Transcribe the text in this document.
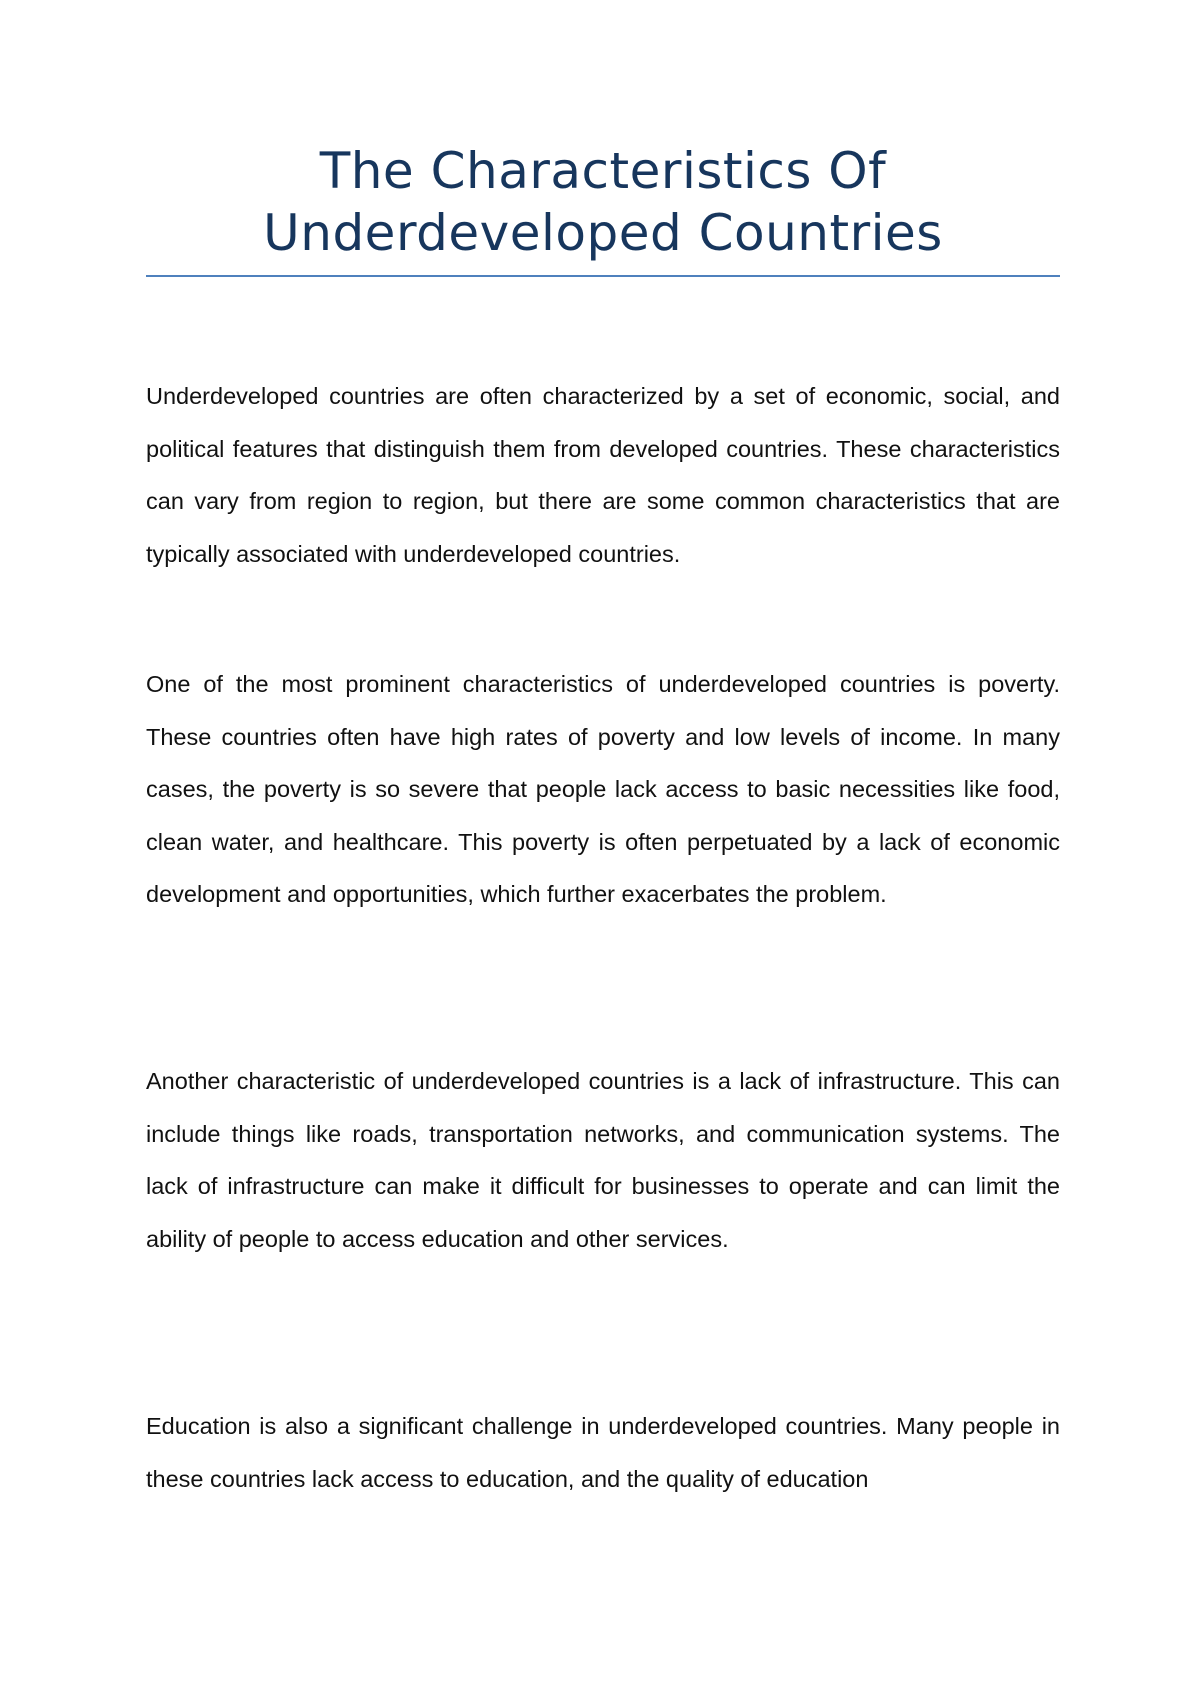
The Characteristics Of
Underdeveloped Countries

Underdeveloped countries are often characterized by a set of economic, social, and political features that distinguish them from developed countries. These characteristics can vary from region to region, but there are some common characteristics that are typically associated with underdeveloped countries.

One of the most prominent characteristics of underdeveloped countries is poverty. These countries often have high rates of poverty and low levels of income. In many cases, the poverty is so severe that people lack access to basic necessities like food, clean water, and healthcare. This poverty is often perpetuated by a lack of economic development and opportunities, which further exacerbates the problem.

Another characteristic of underdeveloped countries is a lack of infrastructure. This can include things like roads, transportation networks, and communication systems. The lack of infrastructure can make it difficult for businesses to operate and can limit the ability of people to access education and other services.

Education is also a significant challenge in underdeveloped countries. Many people in these countries lack access to education, and the quality of education
